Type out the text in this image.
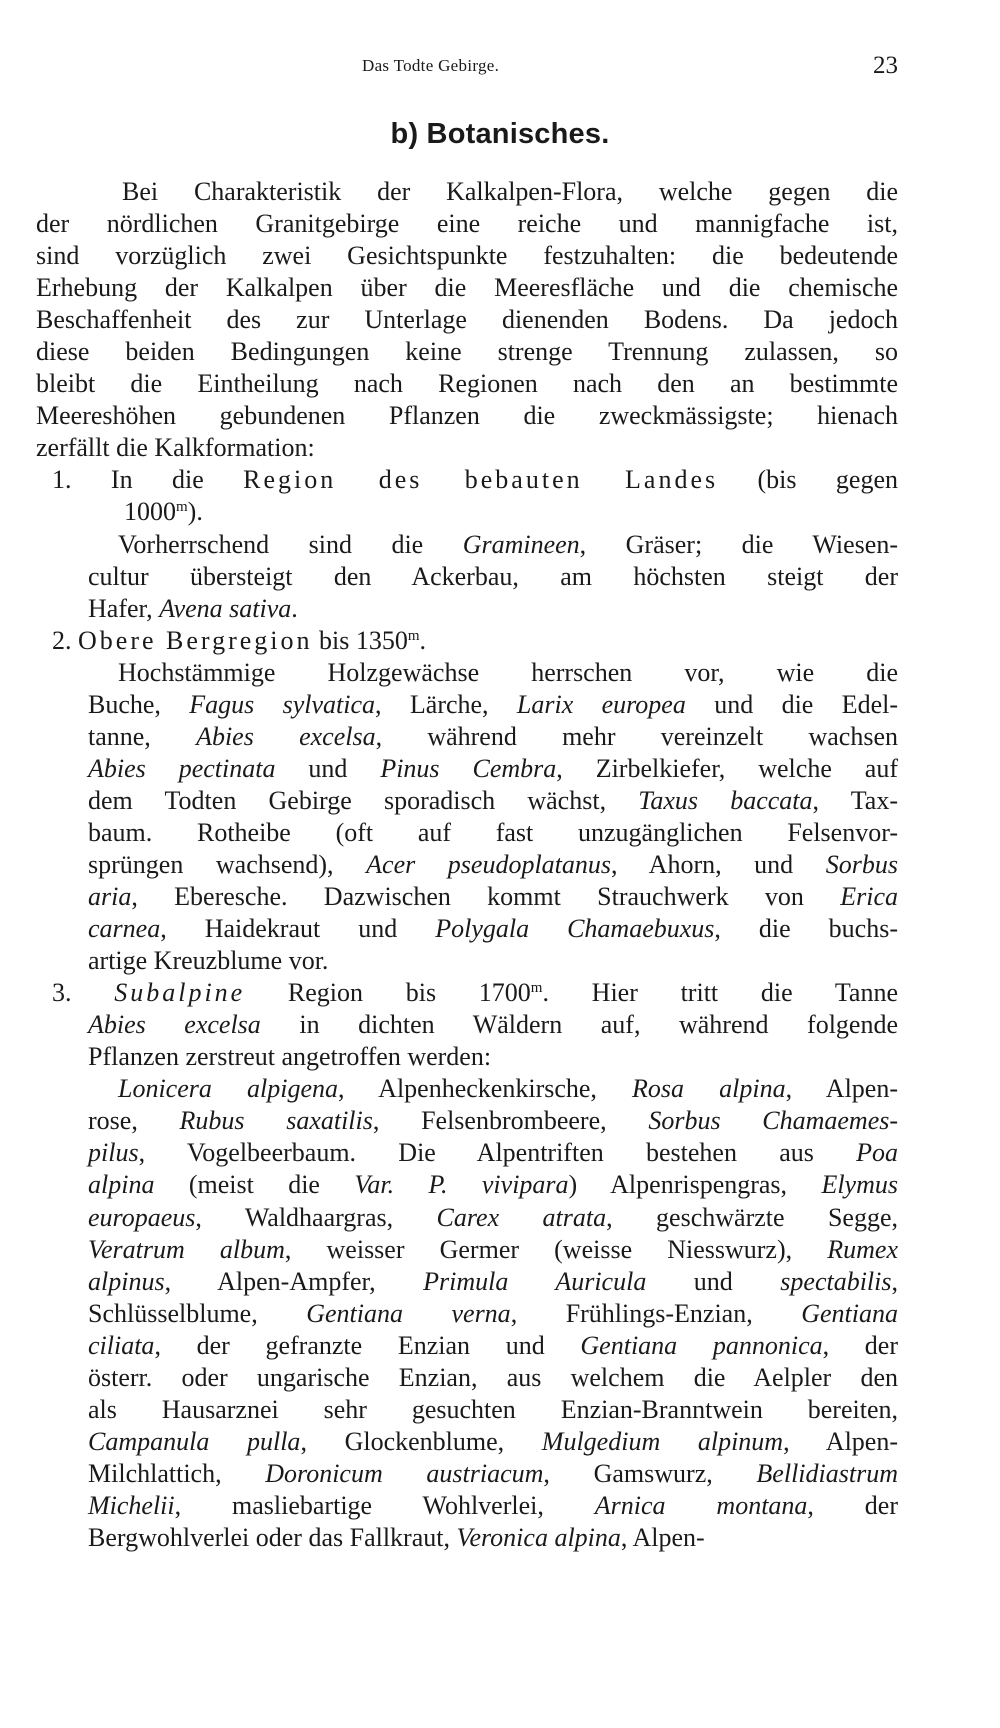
Das Todte Gebirge.	23
b) Botanisches.
Bei Charakteristik der Kalkalpen-Flora, welche gegen die
der nördlichen Granitgebirge eine reiche und mannigfache ist,
sind vorzüglich zwei Gesichtspunkte festzuhalten: die bedeutende
Erhebung der Kalkalpen über die Meeresfläche und die chemische
Beschaffenheit des zur Unterlage dienenden Bodens. Da jedoch
diese beiden Bedingungen keine strenge Trennung zulassen, so
bleibt die Eintheilung nach Regionen nach den an bestimmte
Meereshöhen gebundenen Pflanzen die zweckmässigste; hienach
zerfällt die Kalkformation:
1. In die Region des bebauten Landes (bis gegen
1000$^m$).
Vorherrschend sind die Gramineen, Gräser; die Wiesen-
cultur übersteigt den Ackerbau, am höchsten steigt der
Hafer, Avena sativa.
2. Obere Bergregion bis 1350$^m$.
Hochstämmige Holzgewächse herrschen vor, wie die
Buche, Fagus sylvatica, Lärche, Larix europea und die Edel-
tanne, Abies excelsa, während mehr vereinzelt wachsen
Abies pectinata und Pinus Cembra, Zirbelkiefer, welche auf
dem Todten Gebirge sporadisch wächst, Taxus baccata, Tax-
baum. Rotheibe (oft auf fast unzugänglichen Felsenvor-
sprüngen wachsend), Acer pseudoplatanus, Ahorn, und Sorbus
aria, Eberesche. Dazwischen kommt Strauchwerk von Erica
carnea, Haidekraut und Polygala Chamaebuxus, die buchs-
artige Kreuzblume vor.
3. Subalpine Region bis 1700$^m$. Hier tritt die Tanne
Abies excelsa in dichten Wäldern auf, während folgende
Pflanzen zerstreut angetroffen werden:
Lonicera alpigena, Alpenheckenkirsche, Rosa alpina, Alpen-
rose, Rubus saxatilis, Felsenbrombeere, Sorbus Chamaemes-
pilus, Vogelbeerbaum. Die Alpentriften bestehen aus Poa
alpina (meist die Var. P. vivipara) Alpenrispengras, Elymus
europaeus, Waldhaargras, Carex atrata, geschwärzte Segge,
Veratrum album, weisser Germer (weisse Niesswurz), Rumex
alpinus, Alpen-Ampfer, Primula Auricula und spectabilis,
Schlüsselblume, Gentiana verna, Frühlings-Enzian, Gentiana
ciliata, der gefranzte Enzian und Gentiana pannonica, der
österr. oder ungarische Enzian, aus welchem die Aelpler den
als Hausarznei sehr gesuchten Enzian-Branntwein bereiten,
Campanula pulla, Glockenblume, Mulgedium alpinum, Alpen-
Milchlattich, Doronicum austriacum, Gamswurz, Bellidiastrum
Michelii, masliebartige Wohlverlei, Arnica montana, der
Bergwohlverlei oder das Fallkraut, Veronica alpina, Alpen-
